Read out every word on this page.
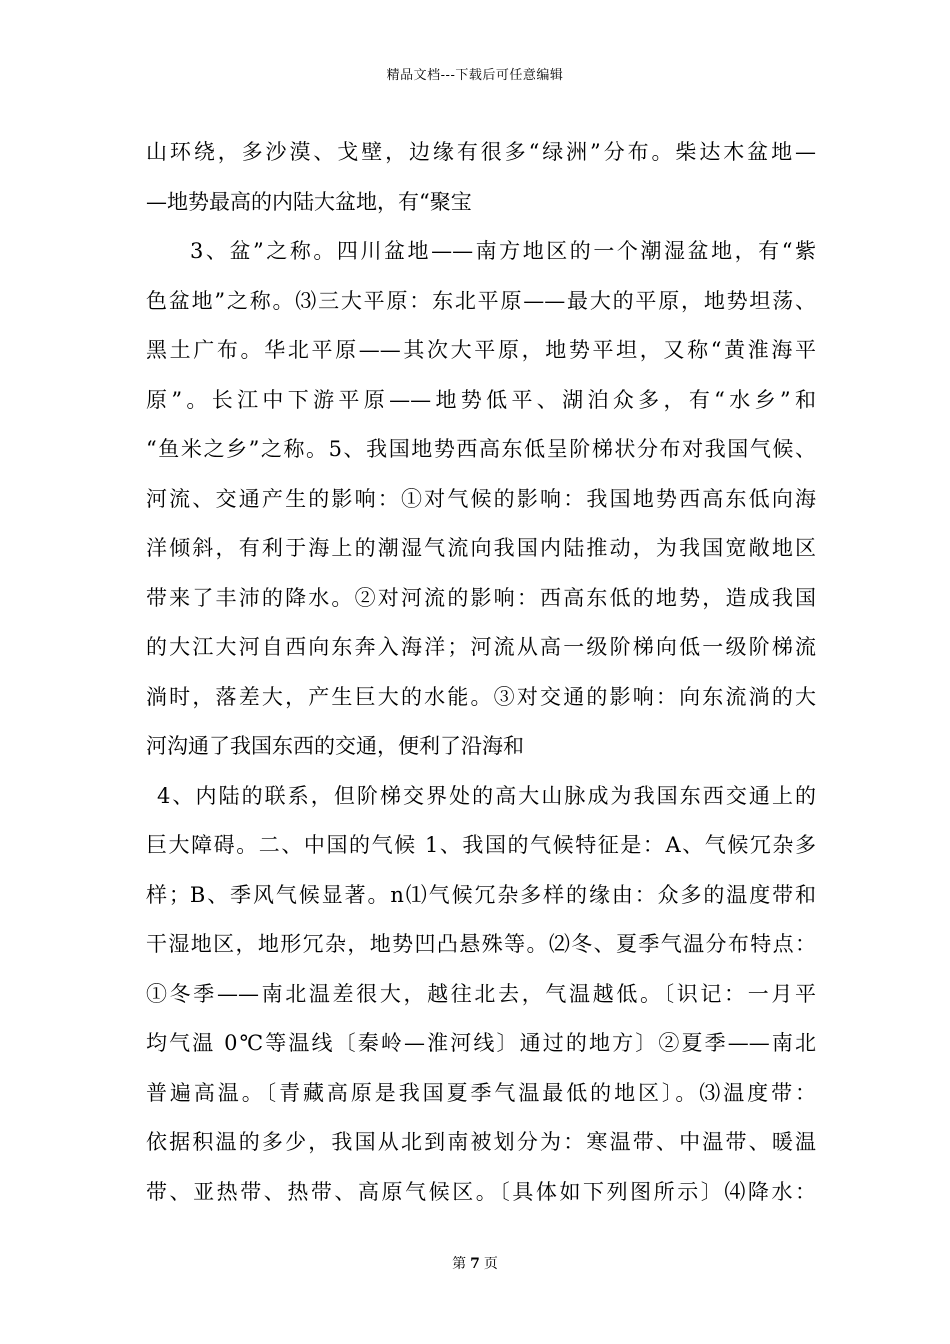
精品文档---下载后可任意编辑
山环绕，多沙漠、戈壁，边缘有很多“绿洲”分布。柴达木盆地—
—地势最高的内陆大盆地，有“聚宝
3、盆”之称。四川盆地——南方地区的一个潮湿盆地，有“紫
色盆地”之称。⑶三大平原：东北平原——最大的平原，地势坦荡、
黑土广布。华北平原——其次大平原，地势平坦，又称“黄淮海平
原”。长江中下游平原——地势低平、湖泊众多，有“水乡”和
“鱼米之乡”之称。5、我国地势西高东低呈阶梯状分布对我国气候、
河流、交通产生的影响：①对气候的影响：我国地势西高东低向海
洋倾斜，有利于海上的潮湿气流向我国内陆推动，为我国宽敞地区
带来了丰沛的降水。②对河流的影响：西高东低的地势，造成我国
的大江大河自西向东奔入海洋；河流从高一级阶梯向低一级阶梯流
淌时，落差大，产生巨大的水能。③对交通的影响：向东流淌的大
河沟通了我国东西的交通，便利了沿海和
4、内陆的联系，但阶梯交界处的高大山脉成为我国东西交通上的
巨大障碍。二、中国的气候 1、我国的气候特征是：A、气候冗杂多
样；B、季风气候显著。n⑴气候冗杂多样的缘由：众多的温度带和
干湿地区，地形冗杂，地势凹凸悬殊等。⑵冬、夏季气温分布特点：
①冬季——南北温差很大，越往北去，气温越低。〔识记：一月平
均气温 0℃等温线〔秦岭—淮河线〕通过的地方〕②夏季——南北
普遍高温。〔青藏高原是我国夏季气温最低的地区〕。⑶温度带：
依据积温的多少，我国从北到南被划分为：寒温带、中温带、暖温
带、亚热带、热带、高原气候区。〔具体如下列图所示〕⑷降水：
第 7 页
